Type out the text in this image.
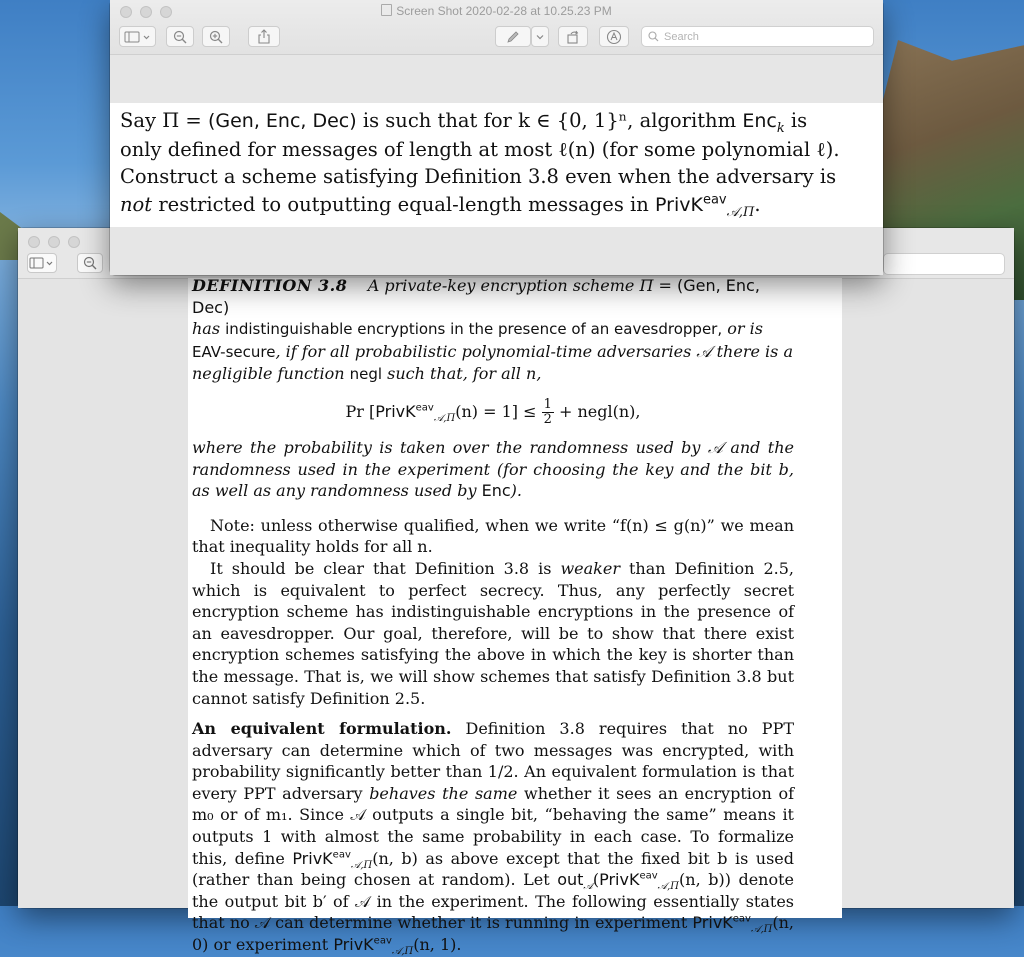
DEFINITION 3.8 A private-key encryption scheme Π = (Gen, Enc, Dec)
has indistinguishable encryptions in the presence of an eavesdropper, or is EAV-secure, if for all probabilistic polynomial-time adversaries 𝒜 there is a negligible function negl such that, for all n,

Pr [PrivK$^{eav}_{𝒜,\Pi}$(n) = $1] \le \frac{1}{2}$ + negl(n),

where the probability is taken over the randomness used by 𝒜 and the randomness used in the experiment (for choosing the key and the bit b, as well as any randomness used by Enc).

Note: unless otherwise qualified, when we write “f(n) ≤ g(n)” we mean that inequality holds for all n.

It should be clear that Definition 3.8 is weaker than Definition 2.5, which is equivalent to perfect secrecy. Thus, any perfectly secret encryption scheme has indistinguishable encryptions in the presence of an eavesdropper. Our goal, therefore, will be to show that there exist encryption schemes satisfying the above in which the key is shorter than the message. That is, we will show schemes that satisfy Definition 3.8 but cannot satisfy Definition 2.5.

An equivalent formulation. Definition 3.8 requires that no PPT adversary can determine which of two messages was encrypted, with probability significantly better than 1/2. An equivalent formulation is that every PPT adversary behaves the same whether it sees an encryption of m₀ or of m₁. Since 𝒜 outputs a single bit, “behaving the same” means it outputs 1 with almost the same probability in each case. To formalize this, define PrivK$^{eav}_{𝒜,\Pi}$(n, b) as above except that the fixed bit b is used (rather than being chosen at random). Let out$_𝒜$(PrivK$^{eav}_{𝒜,\Pi}$(n, b)) denote the output bit b′ of 𝒜 in the experiment. The following essentially states that no 𝒜 can determine whether it is running in experiment PrivK$^{eav}_{𝒜,\Pi}$(n, 0) or experiment PrivK$^{eav}_{𝒜,\Pi}$(n, 1).

Screen Shot 2020-02-28 at 10.25.23 PM
Search
Say Π = (Gen, Enc, Dec) is such that for k ∈ {0, 1}ⁿ, algorithm Enc$_k$ is only defined for messages of length at most ℓ(n) (for some polynomial ℓ). Construct a scheme satisfying Definition 3.8 even when the adversary is not restricted to outputting equal-length messages in PrivK$^{eav}_{𝒜,\Pi}$.
